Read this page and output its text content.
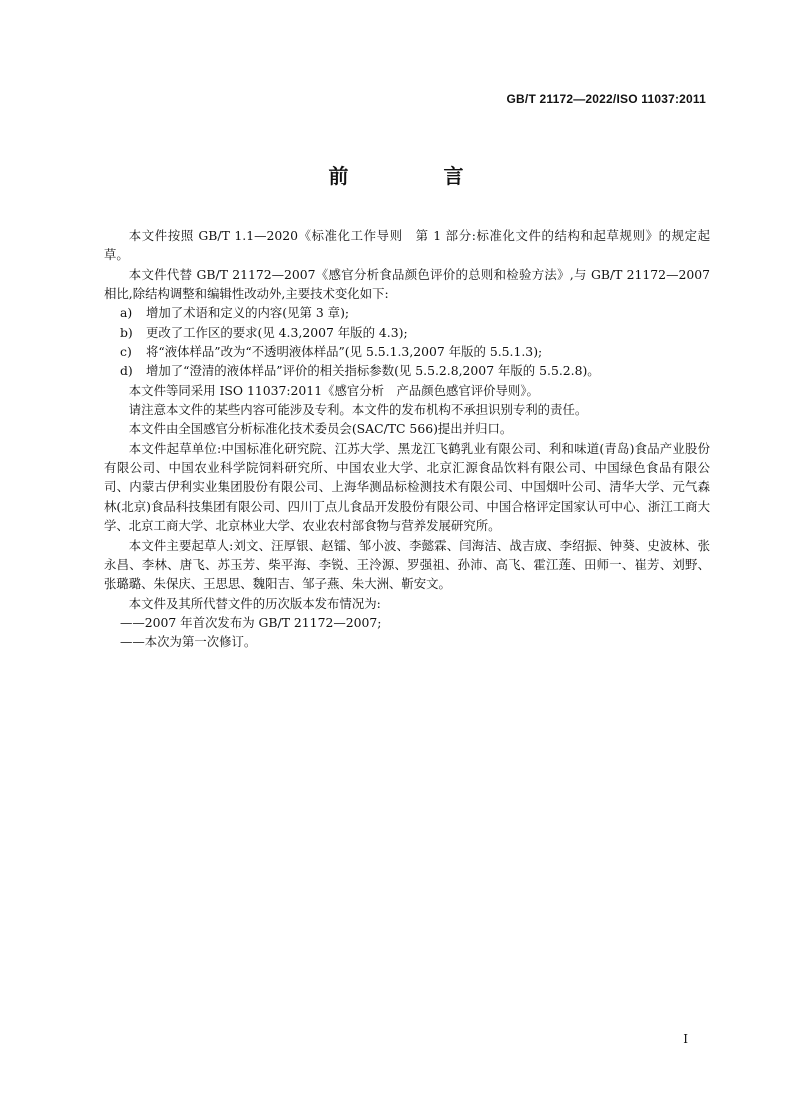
GB/T 21172—2022/ISO 11037:2011
前 言

本文件按照 GB/T 1.1—2020《标准化工作导则　第 1 部分:标准化文件的结构和起草规则》的规定起草。

本文件代替 GB/T 21172—2007《感官分析食品颜色评价的总则和检验方法》,与 GB/T 21172—2007 相比,除结构调整和编辑性改动外,主要技术变化如下:

a) 增加了术语和定义的内容(见第 3 章);

b) 更改了工作区的要求(见 4.3,2007 年版的 4.3);

c) 将“液体样品”改为“不透明液体样品”(见 5.5.1.3,2007 年版的 5.5.1.3);

d) 增加了“澄清的液体样品”评价的相关指标参数(见 5.5.2.8,2007 年版的 5.5.2.8)。

本文件等同采用 ISO 11037:2011《感官分析　产品颜色感官评价导则》。

请注意本文件的某些内容可能涉及专利。本文件的发布机构不承担识别专利的责任。

本文件由全国感官分析标准化技术委员会(SAC/TC 566)提出并归口。

本文件起草单位:中国标准化研究院、江苏大学、黑龙江飞鹤乳业有限公司、利和味道(青岛)食品产业股份有限公司、中国农业科学院饲料研究所、中国农业大学、北京汇源食品饮料有限公司、中国绿色食品有限公司、内蒙古伊利实业集团股份有限公司、上海华测品标检测技术有限公司、中国烟叶公司、清华大学、元气森林(北京)食品科技集团有限公司、四川丁点儿食品开发股份有限公司、中国合格评定国家认可中心、浙江工商大学、北京工商大学、北京林业大学、农业农村部食物与营养发展研究所。

本文件主要起草人:刘文、汪厚银、赵镭、邹小波、李懿霖、闫海洁、战吉宬、李绍振、钟葵、史波林、张永昌、李林、唐飞、苏玉芳、柴平海、李锐、王泠源、罗强祖、孙沛、高飞、霍江莲、田师一、崔芳、刘野、张璐璐、朱保庆、王思思、魏阳吉、邹子燕、朱大洲、靳安文。

本文件及其所代替文件的历次版本发布情况为:

——2007 年首次发布为 GB/T 21172—2007;

——本次为第一次修订。

I
